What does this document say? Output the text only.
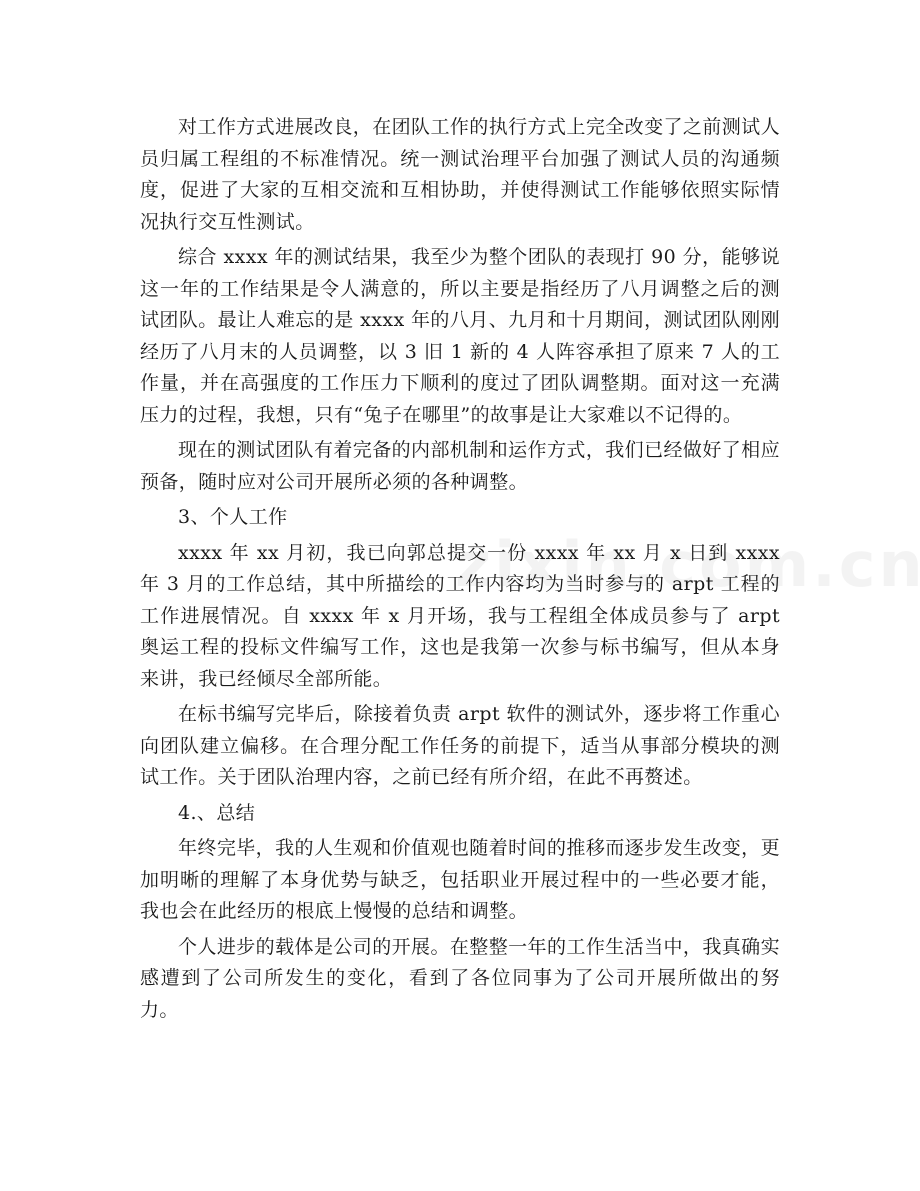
对工作方式进展改良，在团队工作的执行方式上完全改变了之前测试人员归属工程组的不标准情况。统一测试治理平台加强了测试人员的沟通频度，促进了大家的互相交流和互相协助，并使得测试工作能够依照实际情况执行交互性测试。

综合 xxxx 年的测试结果，我至少为整个团队的表现打 90 分，能够说这一年的工作结果是令人满意的，所以主要是指经历了八月调整之后的测试团队。最让人难忘的是 xxxx 年的八月、九月和十月期间，测试团队刚刚经历了八月末的人员调整，以 3 旧 1 新的 4 人阵容承担了原来 7 人的工作量，并在高强度的工作压力下顺利的度过了团队调整期。面对这一充满压力的过程，我想，只有“兔子在哪里”的故事是让大家难以不记得的。

现在的测试团队有着完备的内部机制和运作方式，我们已经做好了相应预备，随时应对公司开展所必须的各种调整。

3、个人工作

xxxx 年 xx 月初，我已向郭总提交一份 xxxx 年 xx 月 x 日到 xxxx 年 3 月的工作总结，其中所描绘的工作内容均为当时参与的 arpt 工程的工作进展情况。自 xxxx 年 x 月开场，我与工程组全体成员参与了 arpt 奥运工程的投标文件编写工作，这也是我第一次参与标书编写，但从本身来讲，我已经倾尽全部所能。

在标书编写完毕后，除接着负责 arpt 软件的测试外，逐步将工作重心向团队建立偏移。在合理分配工作任务的前提下，适当从事部分模块的测试工作。关于团队治理内容，之前已经有所介绍，在此不再赘述。

4.、总结

年终完毕，我的人生观和价值观也随着时间的推移而逐步发生改变，更加明晰的理解了本身优势与缺乏，包括职业开展过程中的一些必要才能，我也会在此经历的根底上慢慢的总结和调整。

个人进步的载体是公司的开展。在整整一年的工作生活当中，我真确实感遭到了公司所发生的变化，看到了各位同事为了公司开展所做出的努力。
